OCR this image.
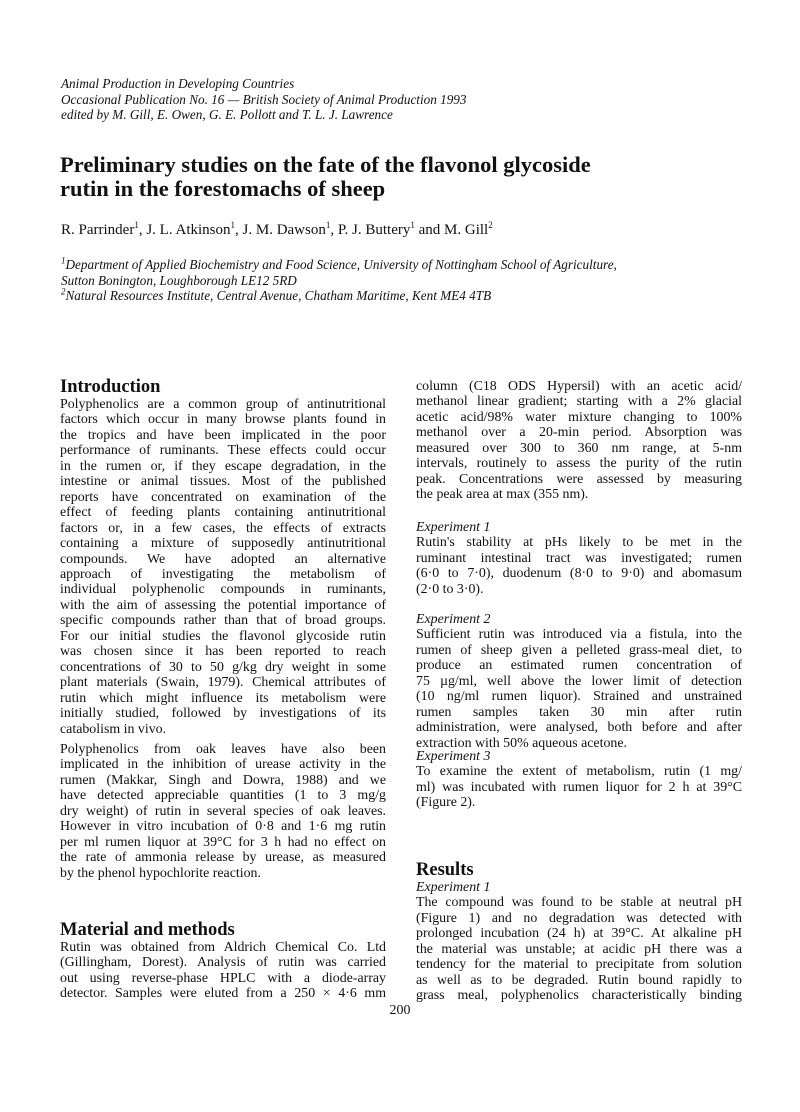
Animal Production in Developing Countries
Occasional Publication No. 16 — British Society of Animal Production 1993
edited by M. Gill, E. Owen, G. E. Pollott and T. L. J. Lawrence
Preliminary studies on the fate of the flavonol glycoside
rutin in the forestomachs of sheep
R. Parrinder$^1$, J. L. Atkinson$^1$, J. M. Dawson$^1$, P. J. Buttery$^1$ and M. Gill$^2$
$^1$Department of Applied Biochemistry and Food Science, University of Nottingham School of Agriculture,
Sutton Bonington, Loughborough LE12 5RD
$^2$Natural Resources Institute, Central Avenue, Chatham Maritime, Kent ME4 4TB
Introduction
Polyphenolics are a common group of antinutritional
factors which occur in many browse plants found in
the tropics and have been implicated in the poor
performance of ruminants. These effects could occur
in the rumen or, if they escape degradation, in the
intestine or animal tissues. Most of the published
reports have concentrated on examination of the
effect of feeding plants containing antinutritional
factors or, in a few cases, the effects of extracts
containing a mixture of supposedly antinutritional
compounds. We have adopted an alternative
approach of investigating the metabolism of
individual polyphenolic compounds in ruminants,
with the aim of assessing the potential importance of
specific compounds rather than that of broad groups.
For our initial studies the flavonol glycoside rutin
was chosen since it has been reported to reach
concentrations of 30 to 50 g/kg dry weight in some
plant materials (Swain, 1979). Chemical attributes of
rutin which might influence its metabolism were
initially studied, followed by investigations of its
catabolism in vivo.
Polyphenolics from oak leaves have also been
implicated in the inhibition of urease activity in the
rumen (Makkar, Singh and Dowra, 1988) and we
have detected appreciable quantities (1 to 3 mg/g
dry weight) of rutin in several species of oak leaves.
However in vitro incubation of 0·8 and 1·6 mg rutin
per ml rumen liquor at 39°C for 3 h had no effect on
the rate of ammonia release by urease, as measured
by the phenol hypochlorite reaction.
Material and methods
Rutin was obtained from Aldrich Chemical Co. Ltd
(Gillingham, Dorest). Analysis of rutin was carried
out using reverse-phase HPLC with a diode-array
detector. Samples were eluted from a 250 × 4·6 mm
column (C18 ODS Hypersil) with an acetic acid/
methanol linear gradient; starting with a 2% glacial
acetic acid/98% water mixture changing to 100%
methanol over a 20-min period. Absorption was
measured over 300 to 360 nm range, at 5-nm
intervals, routinely to assess the purity of the rutin
peak. Concentrations were assessed by measuring
the peak area at max (355 nm).
Experiment 1
Rutin's stability at pHs likely to be met in the
ruminant intestinal tract was investigated; rumen
(6·0 to 7·0), duodenum (8·0 to 9·0) and abomasum
(2·0 to 3·0).
Experiment 2
Sufficient rutin was introduced via a fistula, into the
rumen of sheep given a pelleted grass-meal diet, to
produce an estimated rumen concentration of
75 µg/ml, well above the lower limit of detection
(10 ng/ml rumen liquor). Strained and unstrained
rumen samples taken 30 min after rutin
administration, were analysed, both before and after
extraction with 50% aqueous acetone.
Experiment 3
To examine the extent of metabolism, rutin (1 mg/
ml) was incubated with rumen liquor for 2 h at 39°C
(Figure 2).
Results
Experiment 1
The compound was found to be stable at neutral pH
(Figure 1) and no degradation was detected with
prolonged incubation (24 h) at 39°C. At alkaline pH
the material was unstable; at acidic pH there was a
tendency for the material to precipitate from solution
as well as to be degraded. Rutin bound rapidly to
grass meal, polyphenolics characteristically binding
200
